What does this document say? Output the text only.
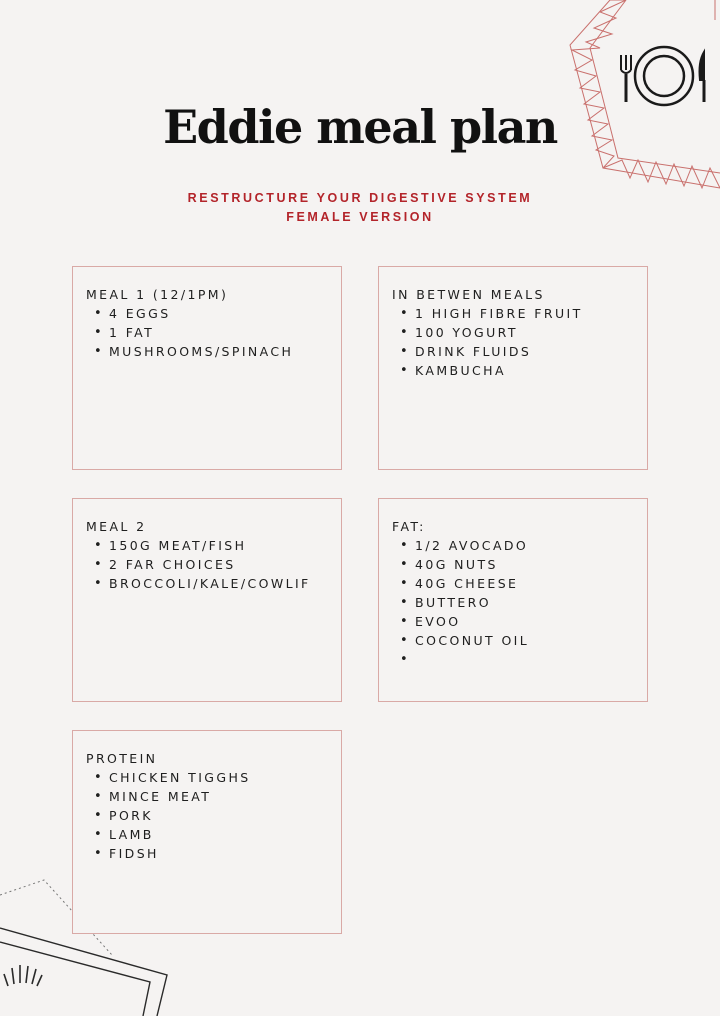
Eddie meal plan
RESTRUCTURE YOUR DIGESTIVE SYSTEM
FEMALE VERSION
MEAL 1 (12/1PM)
• 4 EGGS
• 1 FAT
• MUSHROOMS/SPINACH
IN BETWEN MEALS
• 1 HIGH FIBRE FRUIT
• 100 YOGURT
• DRINK FLUIDS
• KAMBUCHA
MEAL 2
• 150G MEAT/FISH
• 2 FAR CHOICES
• BROCCOLI/KALE/COWLIF
FAT:
• 1/2 AVOCADO
• 40G NUTS
• 40G CHEESE
• BUTTERO
• EVOO
• COCONUT OIL
•
PROTEIN
• CHICKEN TIGGHS
• MINCE MEAT
• PORK
• LAMB
• FIDSH
